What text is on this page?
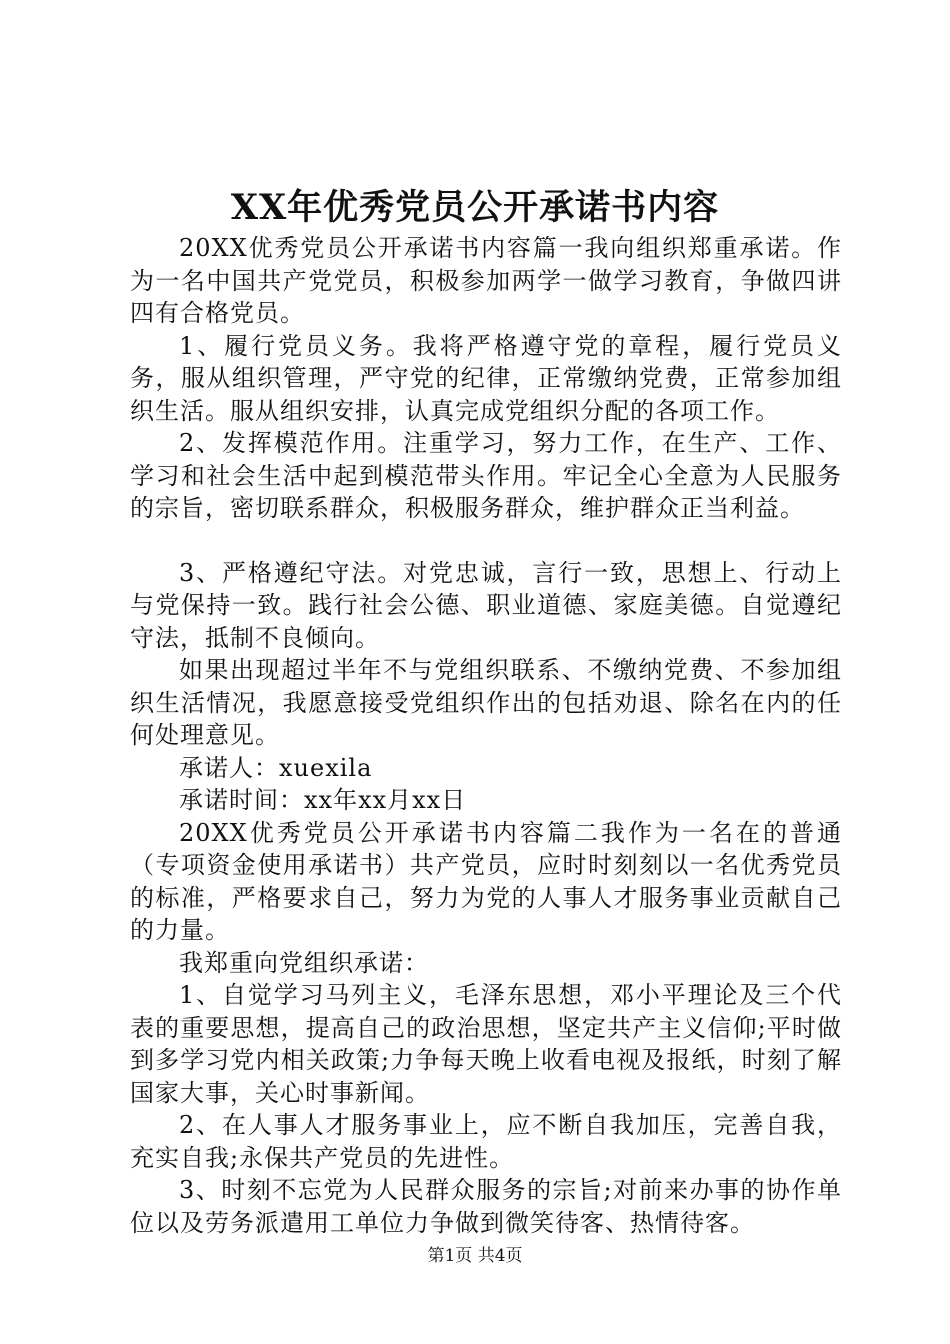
XX年优秀党员公开承诺书内容

20XX优秀党员公开承诺书内容篇一我向组织郑重承诺。作为一名中国共产党党员，积极参加两学一做学习教育，争做四讲四有合格党员。

1、履行党员义务。我将严格遵守党的章程，履行党员义务，服从组织管理，严守党的纪律，正常缴纳党费，正常参加组织生活。服从组织安排，认真完成党组织分配的各项工作。

2、发挥模范作用。注重学习，努力工作，在生产、工作、学习和社会生活中起到模范带头作用。牢记全心全意为人民服务的宗旨，密切联系群众，积极服务群众，维护群众正当利益。

3、严格遵纪守法。对党忠诚，言行一致，思想上、行动上与党保持一致。践行社会公德、职业道德、家庭美德。自觉遵纪守法，抵制不良倾向。

如果出现超过半年不与党组织联系、不缴纳党费、不参加组织生活情况，我愿意接受党组织作出的包括劝退、除名在内的任何处理意见。

承诺人：xuexila

承诺时间：xx年xx月xx日

20XX优秀党员公开承诺书内容篇二我作为一名在的普通（专项资金使用承诺书）共产党员，应时时刻刻以一名优秀党员的标准，严格要求自己，努力为党的人事人才服务事业贡献自己的力量。

我郑重向党组织承诺：

1、自觉学习马列主义，毛泽东思想，邓小平理论及三个代表的重要思想，提高自己的政治思想，坚定共产主义信仰;平时做到多学习党内相关政策;力争每天晚上收看电视及报纸，时刻了解国家大事，关心时事新闻。

2、在人事人才服务事业上，应不断自我加压，完善自我，充实自我;永保共产党员的先进性。

3、时刻不忘党为人民群众服务的宗旨;对前来办事的协作单位以及劳务派遣用工单位力争做到微笑待客、热情待客。

第1页 共4页
